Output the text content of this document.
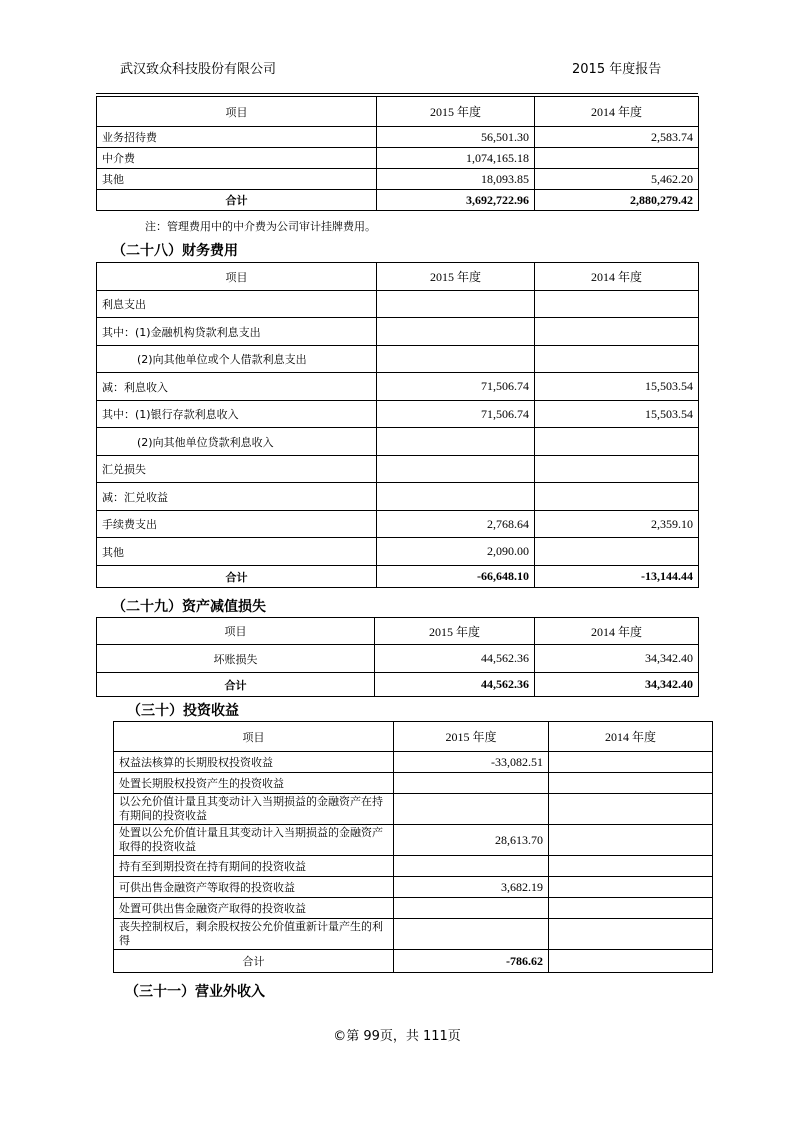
武汉致众科技股份有限公司	2015 年度报告
项目	2015 年度	2014 年度
业务招待费	56,501.30	2,583.74
中介费	1,074,165.18	
其他	18,093.85	5,462.20
合计	3,692,722.96	2,880,279.42
注：管理费用中的中介费为公司审计挂牌费用。
（二十八）财务费用
项目	2015 年度	2014 年度
利息支出		
其中：(1)金融机构贷款利息支出		
(2)向其他单位或个人借款利息支出		
减：利息收入	71,506.74	15,503.54
其中：(1)银行存款利息收入	71,506.74	15,503.54
(2)向其他单位贷款利息收入		
汇兑损失		
减：汇兑收益		
手续费支出	2,768.64	2,359.10
其他	2,090.00	
合计	-66,648.10	-13,144.44
（二十九）资产减值损失
项目	2015 年度	2014 年度
坏账损失	44,562.36	34,342.40
合计	44,562.36	34,342.40
（三十）投资收益
项目	2015 年度	2014 年度
权益法核算的长期股权投资收益	-33,082.51	
处置长期股权投资产生的投资收益		
以公允价值计量且其变动计入当期损益的金融资产在持有期间的投资收益		
处置以公允价值计量且其变动计入当期损益的金融资产取得的投资收益	28,613.70	
持有至到期投资在持有期间的投资收益		
可供出售金融资产等取得的投资收益	3,682.19	
处置可供出售金融资产取得的投资收益		
丧失控制权后，剩余股权按公允价值重新计量产生的利得		
合计	-786.62	
（三十一）营业外收入
©第 99页，共 111页
